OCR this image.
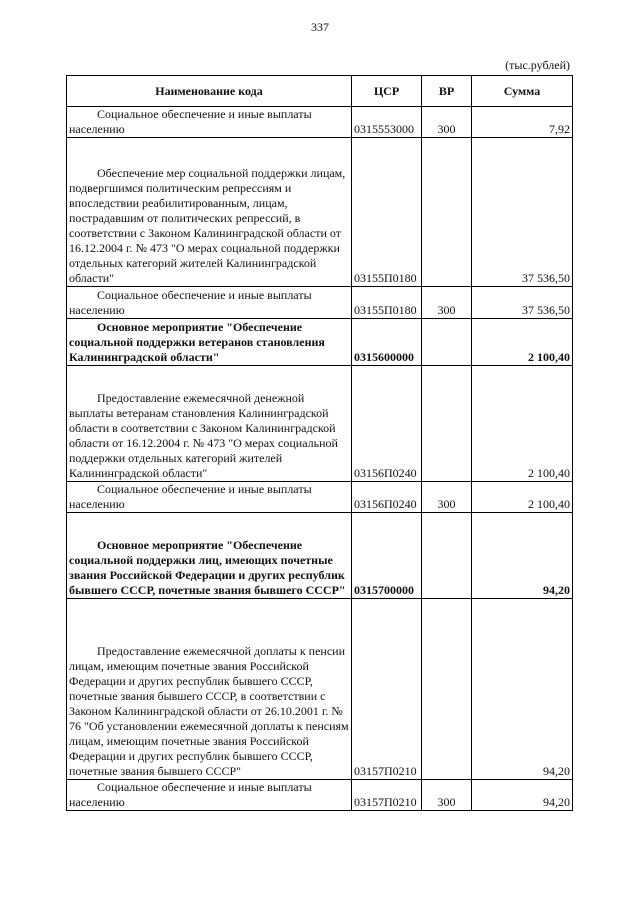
337
(тыс.рублей)
Наименование кода	ЦСР	ВР	Сумма

Социальное обеспечение и иные выплаты населению	0315553000	300	7,92

Обеспечение мер социальной поддержки лицам, подвергшимся политическим репрессиям и впоследствии реабилитированным, лицам, пострадавшим от политических репрессий, в соответствии с Законом Калининградской области от 16.12.2004 г. № 473 "О мерах социальной поддержки отдельных категорий жителей Калининградской области"	03155П0180		37 536,50

Социальное обеспечение и иные выплаты населению	03155П0180	300	37 536,50

Основное мероприятие "Обеспечение социальной поддержки ветеранов становления Калининградской области"	0315600000		2 100,40

Предоставление ежемесячной денежной выплаты ветеранам становления Калининградской области в соответствии с Законом Калининградской области от 16.12.2004 г. № 473 "О мерах социальной поддержки отдельных категорий жителей Калининградской области"	03156П0240		2 100,40

Социальное обеспечение и иные выплаты населению	03156П0240	300	2 100,40

Основное мероприятие "Обеспечение социальной поддержки лиц, имеющих почетные звания Российской Федерации и других республик бывшего СССР, почетные звания бывшего СССР"	0315700000		94,20

Предоставление ежемесячной доплаты к пенсии лицам, имеющим почетные звания Российской Федерации и других республик бывшего СССР, почетные звания бывшего СССР, в соответствии с Законом Калининградской области от 26.10.2001 г. № 76 "Об установлении ежемесячной доплаты к пенсиям лицам, имеющим почетные звания Российской Федерации и других республик бывшего СССР, почетные звания бывшего СССР"	03157П0210		94,20

Социальное обеспечение и иные выплаты населению	03157П0210	300	94,20
